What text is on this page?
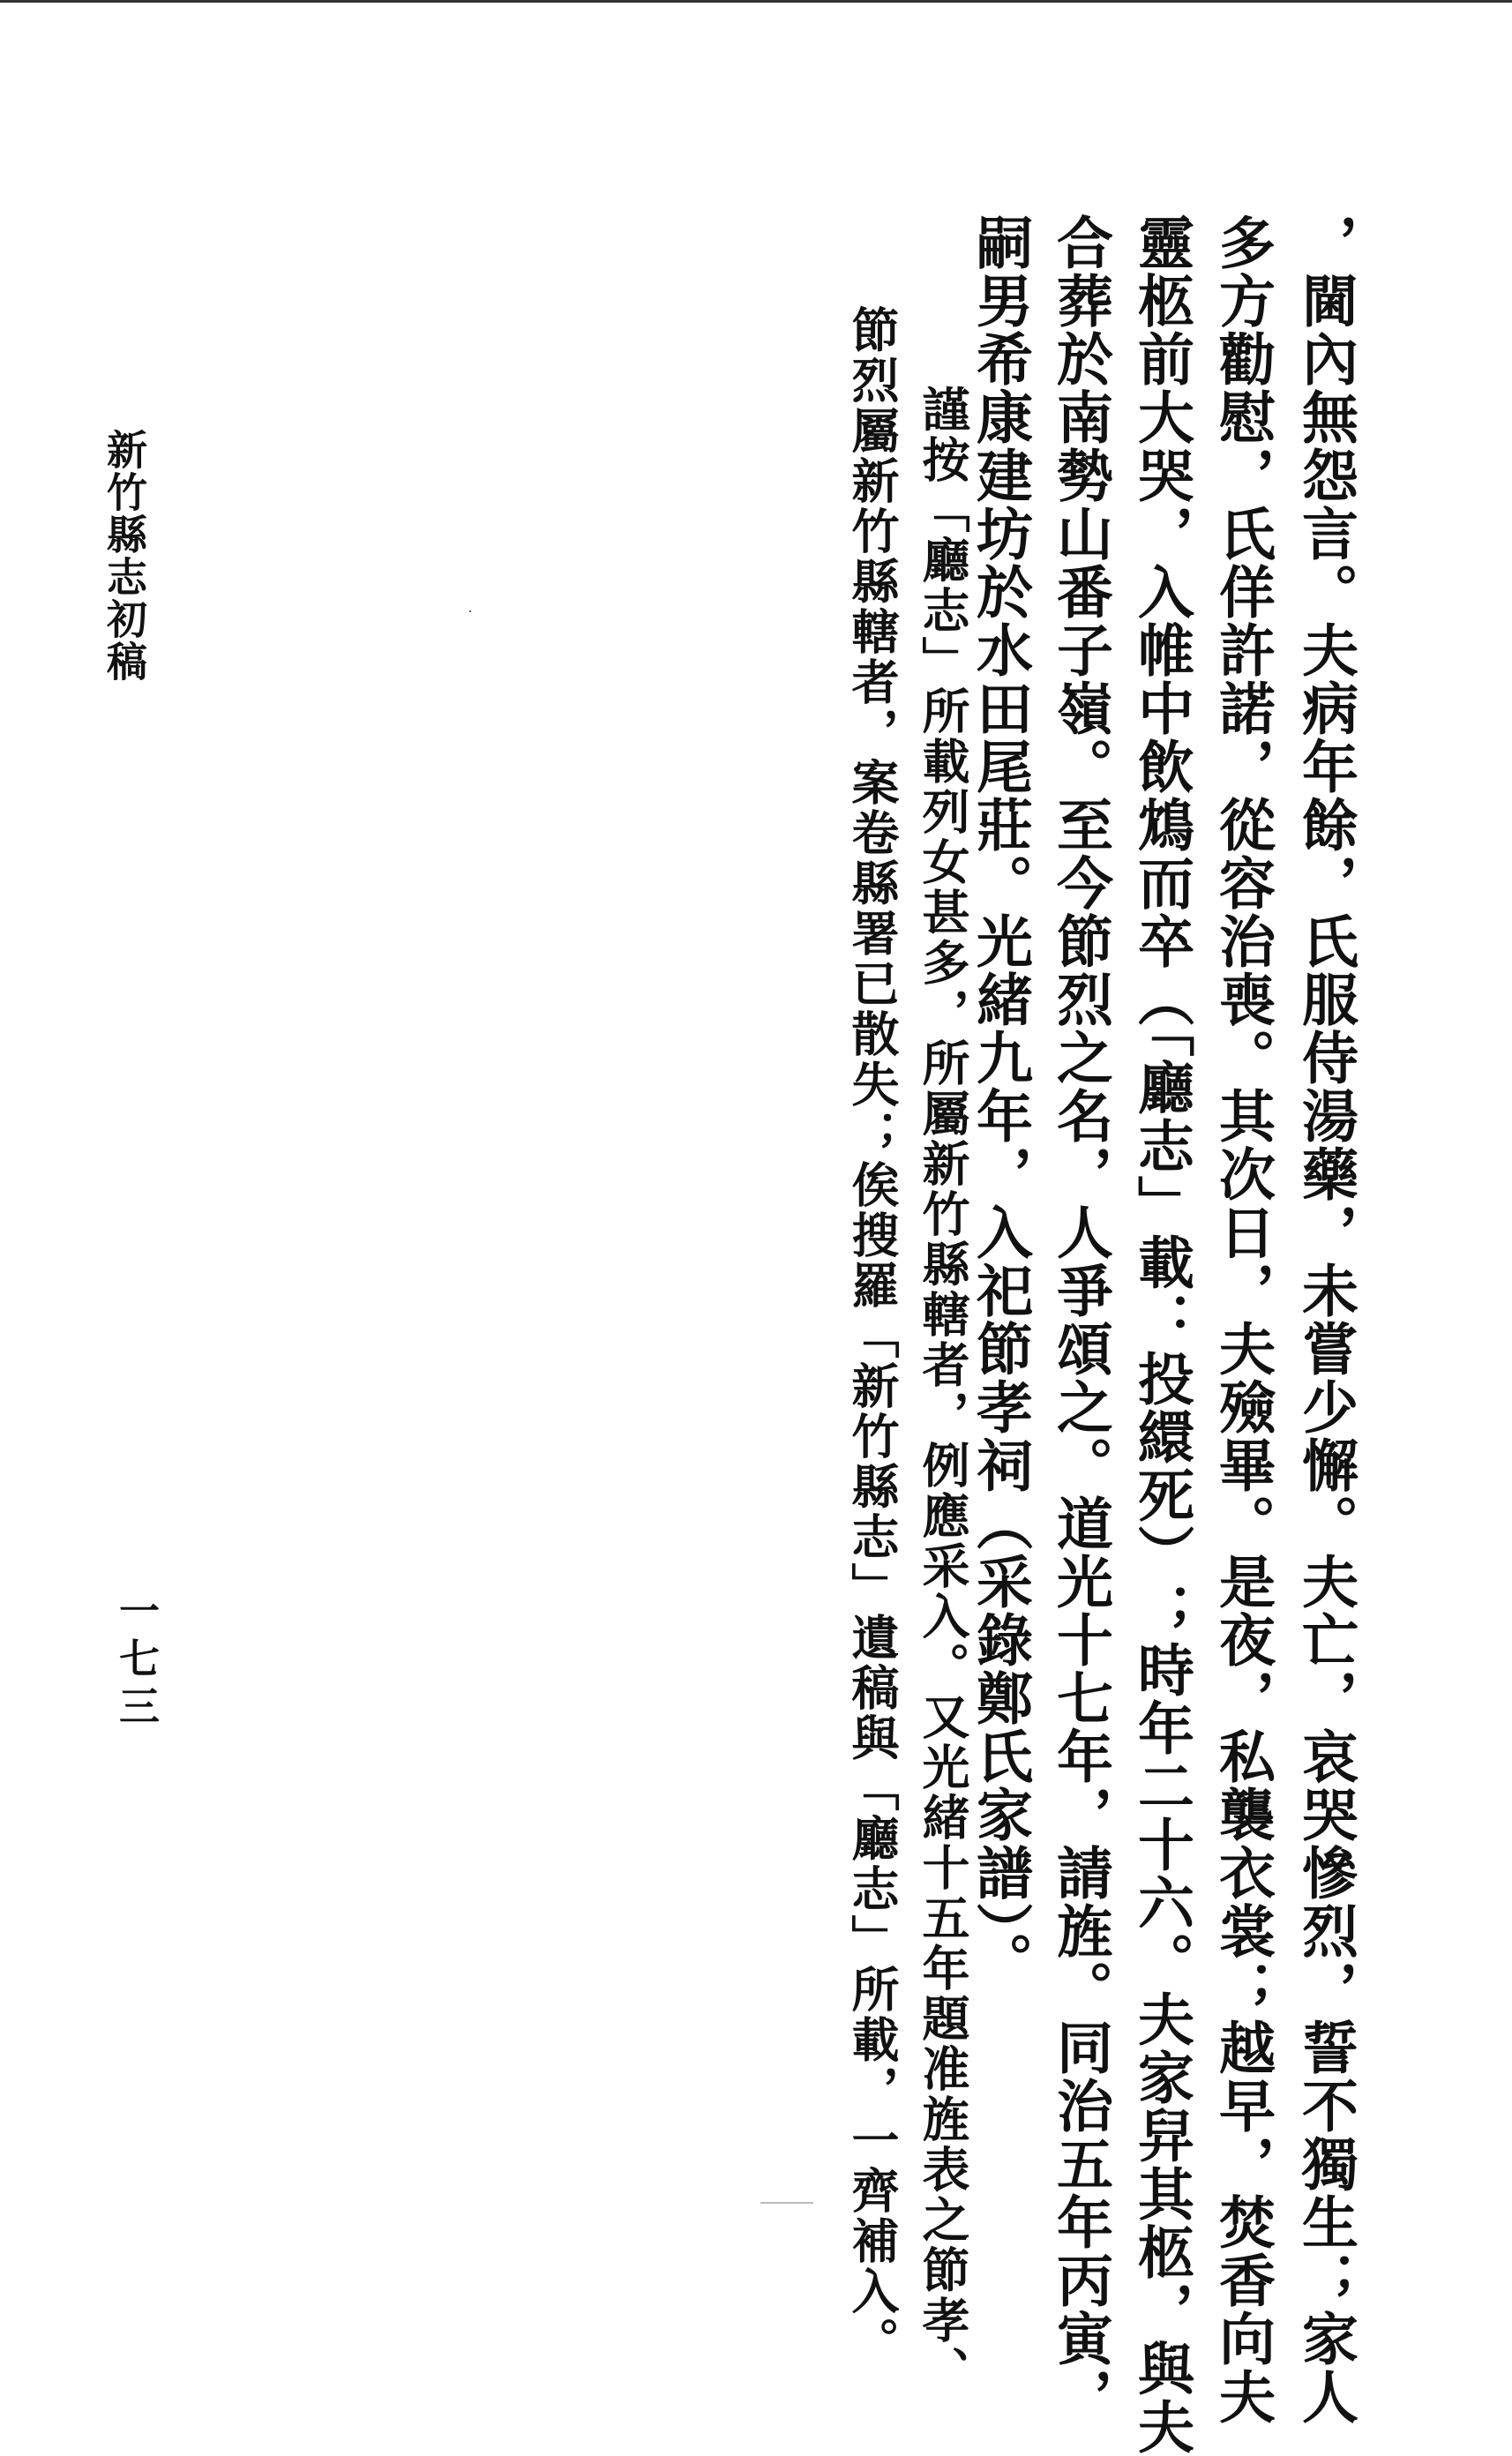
，閫內無怨言。夫病年餘，氏服侍湯藥，未嘗少懈。夫亡，哀哭慘烈，誓不獨生；家人
多方勸慰，氏佯許諾，從容治喪。其次日，夫殮畢。是夜，私襲衣裳；越早，焚香向夫
靈柩前大哭，入帷中飲鴆而卒（「廳志」載：投繯死）；時年二十六。夫家舁其柩，與夫
合葬於南勢山番子嶺。至今節烈之名，人爭頌之。道光十七年，請旌。同治五年丙寅，
嗣男希康建坊於水田尾莊。光緒九年，入祀節孝祠（采錄鄭氏家譜）。
謹按「廳志」所載列女甚多，所屬新竹縣轄者，例應采入。又光緒十五年題准旌表之節孝、
節烈屬新竹縣轄者，案卷縣署已散失；俟搜羅「新竹縣志」遺稿與「廳志」所載，一齊補入。
新竹縣志初稿
一七三
